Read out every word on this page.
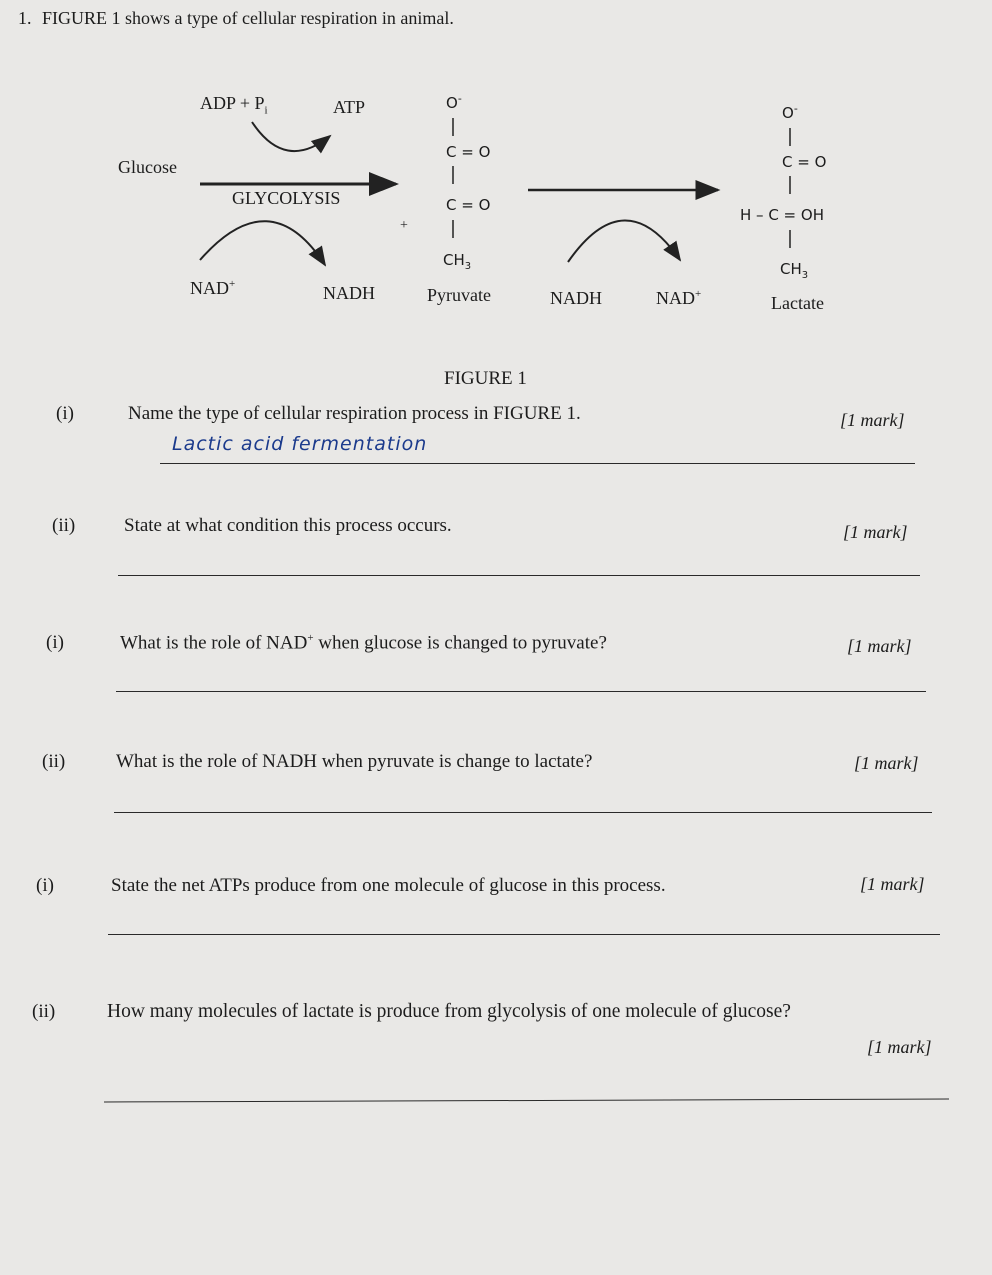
1. FIGURE 1 shows a type of cellular respiration in animal.
Glucose
ADP + $P_i$	ATP
GLYCOLYSIS
NAD+	NADH	Pyruvate	NADH	NAD+	Lactate
+
O-
C = O
C = O
$CH_3$
O-
C = O
H – C = OH
$CH_3$
FIGURE 1
(i)	Name the type of cellular respiration process in FIGURE 1.	[1 mark]
Lactic acid fermentation
(ii)	State at what condition this process occurs.	[1 mark]
(i)	What is the role of NAD+ when glucose is changed to pyruvate?	[1 mark]
(ii)	What is the role of NADH when pyruvate is change to lactate?	[1 mark]
(i)	State the net ATPs produce from one molecule of glucose in this process.	[1 mark]
(ii)	How many molecules of lactate is produce from glycolysis of one molecule of glucose?
[1 mark]
